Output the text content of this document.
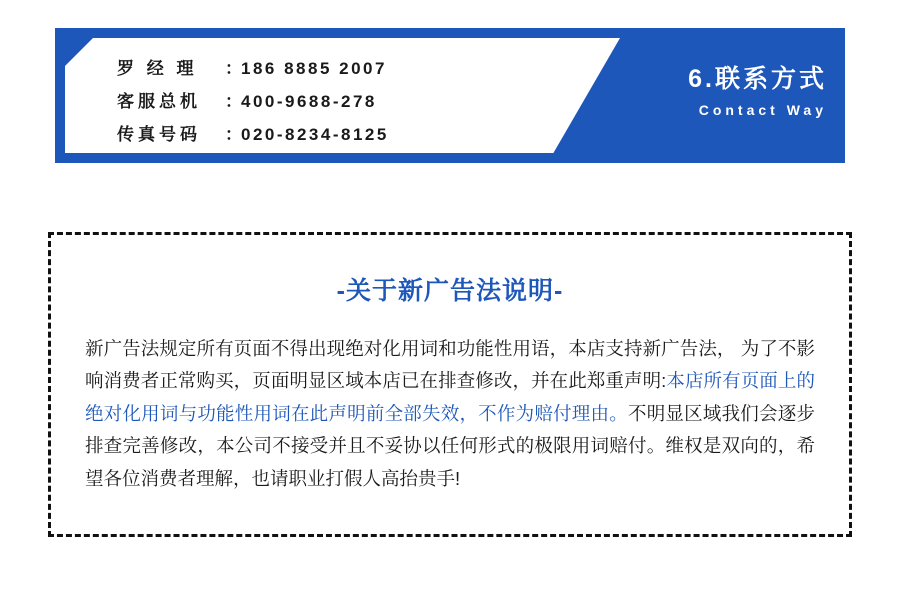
罗 经 理	： 186 8885 2007
客服总机	： 400-9688-278
传真号码	： 020-8234-8125
6.联系方式
Contact Way
-关于新广告法说明-
新广告法规定所有页面不得出现绝对化用词和功能性用语，本店支持新广告法， 为了不影响消费者正常购买，页面明显区域本店已在排查修改，并在此郑重声明:本店所有页面上的绝对化用词与功能性用词在此声明前全部失效，不作为赔付理由。不明显区域我们会逐步排查完善修改，本公司不接受并且不妥协以任何形式的极限用词赔付。维权是双向的，希望各位消费者理解，也请职业打假人高抬贵手!
